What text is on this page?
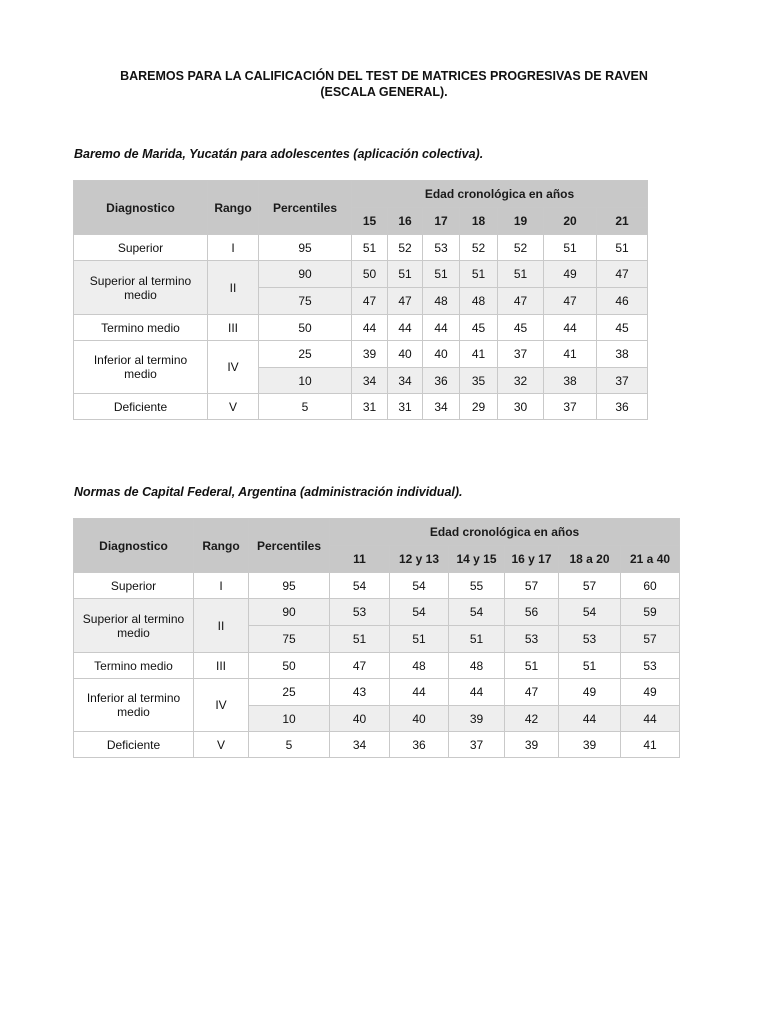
BAREMOS PARA LA CALIFICACIÓN DEL TEST DE MATRICES PROGRESIVAS DE RAVEN
(ESCALA GENERAL).
Baremo de Marida, Yucatán para adolescentes (aplicación colectiva).
Diagnostico	Rango	Percentiles	Edad cronológica en años						
			15	16	17	18	19	20	21
Superior	I	95	51	52	53	52	52	51	51
Superior al termino medio	II	90	50	51	51	51	51	49	47
		75	47	47	48	48	47	47	46
Termino medio	III	50	44	44	44	45	45	44	45
Inferior al termino medio	IV	25	39	40	40	41	37	41	38
		10	34	34	36	35	32	38	37
Deficiente	V	5	31	31	34	29	30	37	36
Normas de Capital Federal, Argentina (administración individual).
Diagnostico	Rango	Percentiles	Edad cronológica en años					
			11	12 y 13	14 y 15	16 y 17	18 a 20	21 a 40
Superior	I	95	54	54	55	57	57	60
Superior al termino medio	II	90	53	54	54	56	54	59
		75	51	51	51	53	53	57
Termino medio	III	50	47	48	48	51	51	53
Inferior al termino medio	IV	25	43	44	44	47	49	49
		10	40	40	39	42	44	44
Deficiente	V	5	34	36	37	39	39	41
